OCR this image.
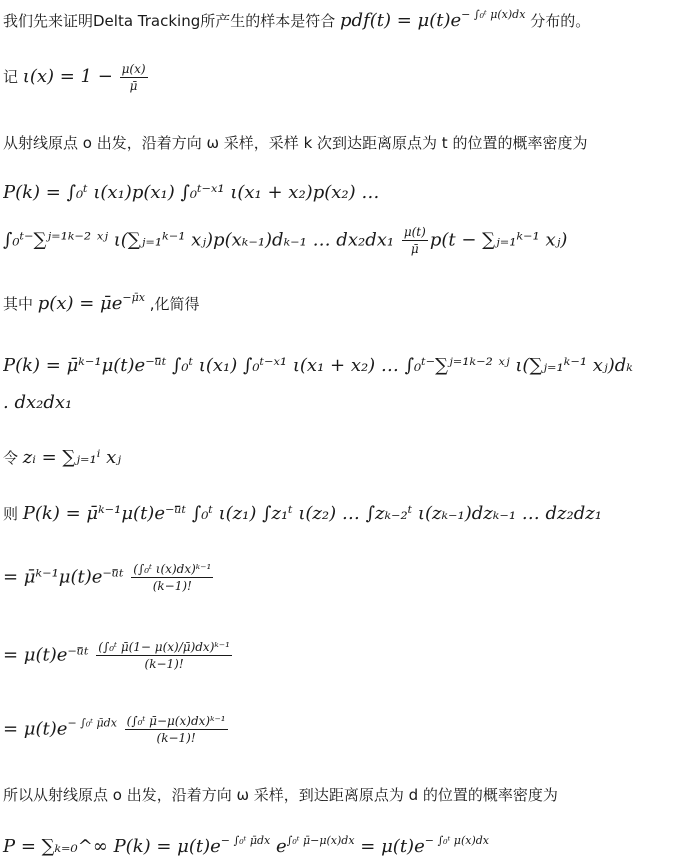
我们先来证明Delta Tracking所产生的样本是符合 $pdf(t) = \mu(t)e^{- \int_0ᵗ \mu(x)dx}$ 分布的。
记 $\iota(x) = 1 - \frac{\mu(x)}{\mū}$
从射线原点 o 出发，沿着方向 ω 采样，采样 k 次到达距离原点为 t 的位置的概率密度为
P(k) = ∫₀ᵗ ι(x₁)p(x₁) ∫₀ᵗ⁻ˣ¹ ι(x₁ + x₂)p(x₂) …
∫₀ᵗ⁻∑ʲ⁼¹ᵏ⁻² ˣʲ ι(∑ⱼ₌₁ᵏ⁻¹ xⱼ)p(xₖ₋₁)dₖ₋₁ … $dx_2dx_1 \frac{\mu(t)}{\mū} p(t$ − ∑ⱼ₌₁ᵏ⁻¹ xⱼ)
其中 $p(x) = \mūe^{-\mūx}$ ,化简得
P(k) = μ̄ᵏ⁻¹μ(t)e⁻ᵘ̄ᵗ ∫₀ᵗ ι(x₁) ∫₀ᵗ⁻ˣ¹ ι(x₁ + x₂) … ∫₀ᵗ⁻∑ʲ⁼¹ᵏ⁻² ˣʲ ι(∑ⱼ₌₁ᵏ⁻¹ xⱼ)dₖ
. dx₂dx₁
令 zᵢ = ∑ⱼ₌₁ⁱ xⱼ
则 P(k) = μ̄ᵏ⁻¹μ(t)e⁻ᵘ̄ᵗ ∫₀ᵗ ι(z₁) ∫z₁ᵗ ι(z₂) … ∫zₖ₋₂ᵗ ι(zₖ₋₁)dzₖ₋₁ … dz₂dz₁
= μ̄ᵏ⁻¹μ(t)e⁻ᵘ̄ᵗ $\frac{\text{(∫₀ᵗ ι(x)dx)ᵏ⁻¹}}{(k-1)!}$
= μ(t)e⁻ᵘ̄ᵗ $\frac{\text{(∫₀ᵗ μ̄(1− μ(x)/μ̄)dx)ᵏ⁻¹}}{(k-1)!}$
= $\mu(t)e^{- \int_0ᵗ \mūdx} \frac{\text{(∫₀ᵗ μ̄−μ(x)dx)ᵏ⁻¹}}{(k-1)!}$
所以从射线原点 o 出发，沿着方向 ω 采样，到达距离原点为 d 的位置的概率密度为
P = ∑ₖ₌₀^∞ $P(k) = \mu(t)e^{- \int_0ᵗ \mūdx}$ $e^{\int_0ᵗ \mū-\mu(x)dx} = \mu(t)e^{- \int_0ᵗ \mu(x)dx}$
